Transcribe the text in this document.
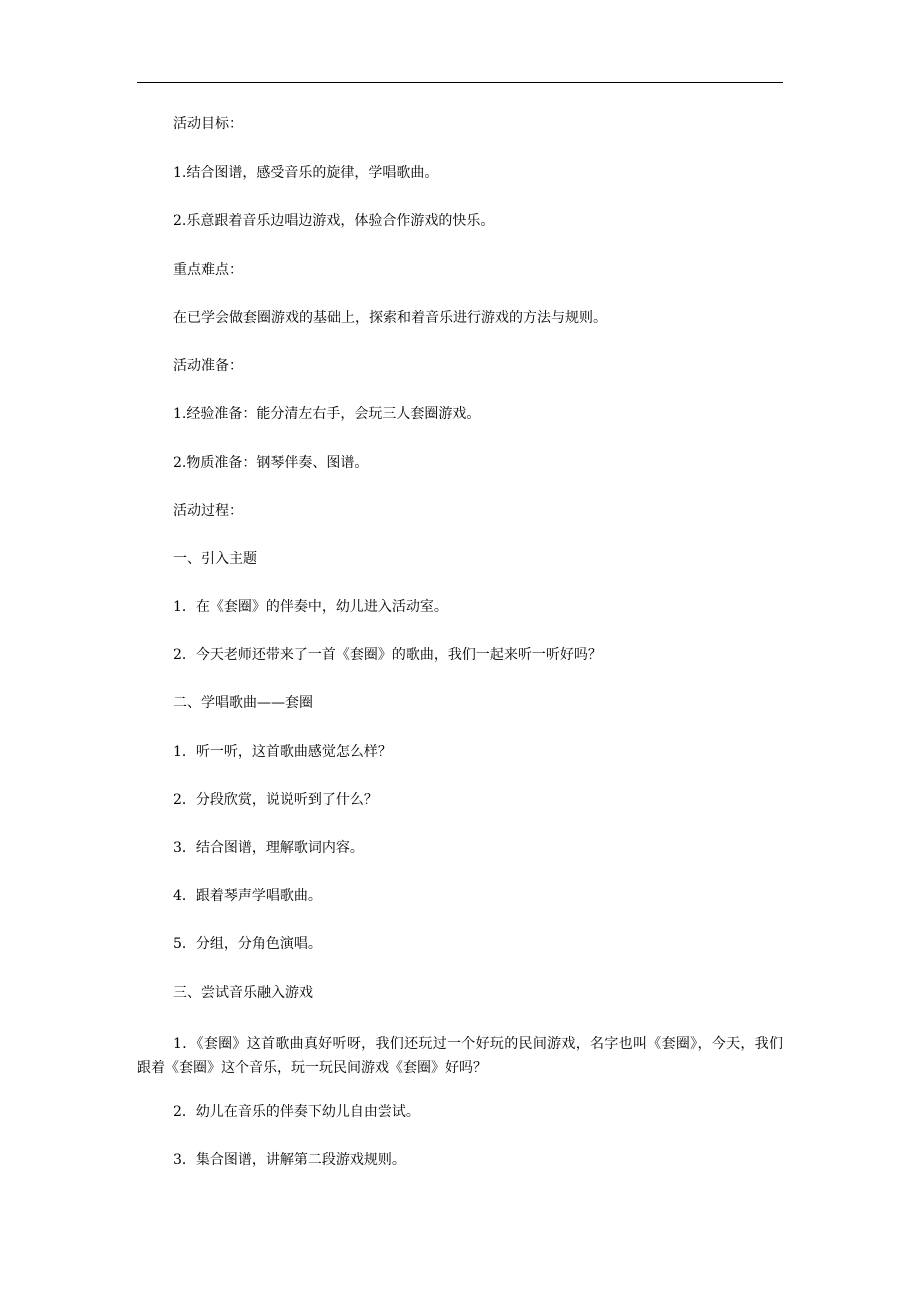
活动目标：
1.结合图谱，感受音乐的旋律，学唱歌曲。
2.乐意跟着音乐边唱边游戏，体验合作游戏的快乐。
重点难点：
在已学会做套圈游戏的基础上，探索和着音乐进行游戏的方法与规则。
活动准备：
1.经验准备：能分清左右手，会玩三人套圈游戏。
2.物质准备：钢琴伴奏、图谱。
活动过程：
一、引入主题
1．在《套圈》的伴奏中，幼儿进入活动室。
2．今天老师还带来了一首《套圈》的歌曲，我们一起来听一听好吗？
二、学唱歌曲——套圈
1．听一听，这首歌曲感觉怎么样？
2．分段欣赏，说说听到了什么？
3．结合图谱，理解歌词内容。
4．跟着琴声学唱歌曲。
5．分组，分角色演唱。
三、尝试音乐融入游戏
1．《套圈》这首歌曲真好听呀，我们还玩过一个好玩的民间游戏，名字也叫《套圈》，今天，我们跟着《套圈》这个音乐，玩一玩民间游戏《套圈》好吗？
2．幼儿在音乐的伴奏下幼儿自由尝试。
3．集合图谱，讲解第二段游戏规则。
